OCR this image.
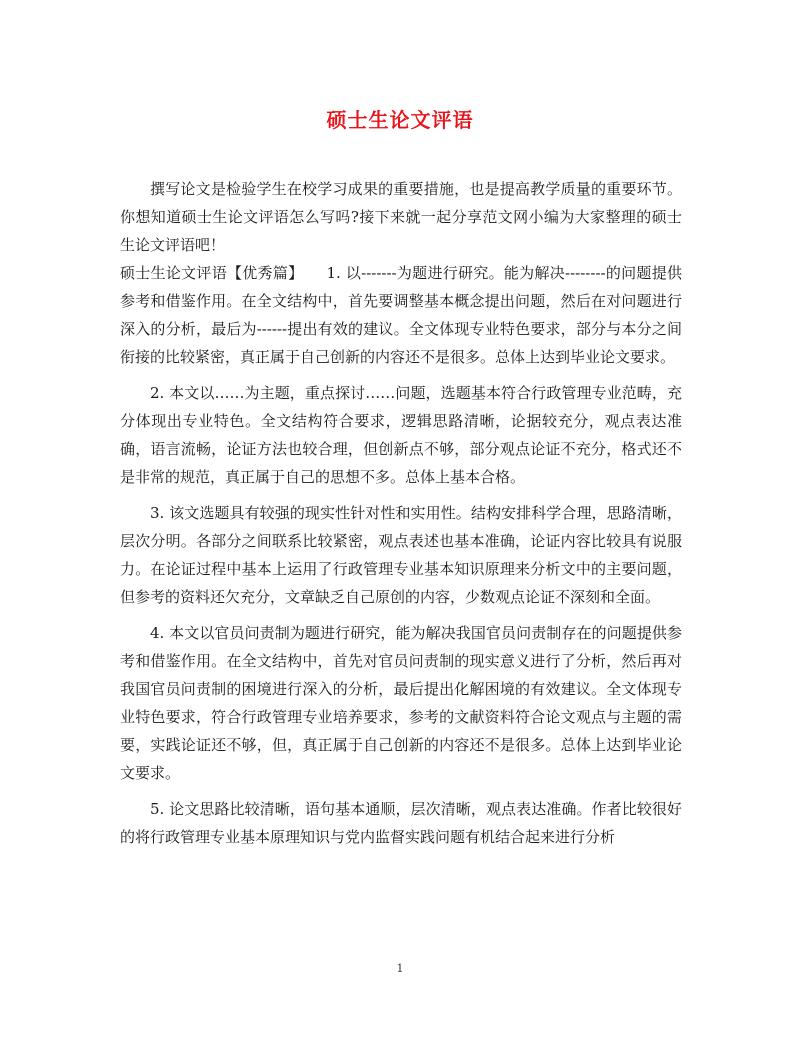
硕士生论文评语

撰写论文是检验学生在校学习成果的重要措施，也是提高教学质量的重要环节。你想知道硕士生论文评语怎么写吗?接下来就一起分享范文网小编为大家整理的硕士生论文评语吧！

硕士生论文评语【优秀篇】　　1. 以-------为题进行研究。能为解决--------的问题提供参考和借鉴作用。在全文结构中，首先要调整基本概念提出问题，然后在对问题进行深入的分析，最后为------提出有效的建议。全文体现专业特色要求，部分与本分之间衔接的比较紧密，真正属于自己创新的内容还不是很多。总体上达到毕业论文要求。

2. 本文以……为主题，重点探讨……问题，选题基本符合行政管理专业范畴，充分体现出专业特色。全文结构符合要求，逻辑思路清晰，论据较充分，观点表达准确，语言流畅，论证方法也较合理，但创新点不够，部分观点论证不充分，格式还不是非常的规范，真正属于自己的思想不多。总体上基本合格。

3. 该文选题具有较强的现实性针对性和实用性。结构安排科学合理，思路清晰，层次分明。各部分之间联系比较紧密，观点表述也基本准确，论证内容比较具有说服力。在论证过程中基本上运用了行政管理专业基本知识原理来分析文中的主要问题，但参考的资料还欠充分，文章缺乏自己原创的内容，少数观点论证不深刻和全面。

4. 本文以官员问责制为题进行研究，能为解决我国官员问责制存在的问题提供参考和借鉴作用。在全文结构中，首先对官员问责制的现实意义进行了分析，然后再对我国官员问责制的困境进行深入的分析，最后提出化解困境的有效建议。全文体现专业特色要求，符合行政管理专业培养要求，参考的文献资料符合论文观点与主题的需要，实践论证还不够，但，真正属于自己创新的内容还不是很多。总体上达到毕业论文要求。

5. 论文思路比较清晰，语句基本通顺，层次清晰，观点表达准确。作者比较很好的将行政管理专业基本原理知识与党内监督实践问题有机结合起来进行分析

1
